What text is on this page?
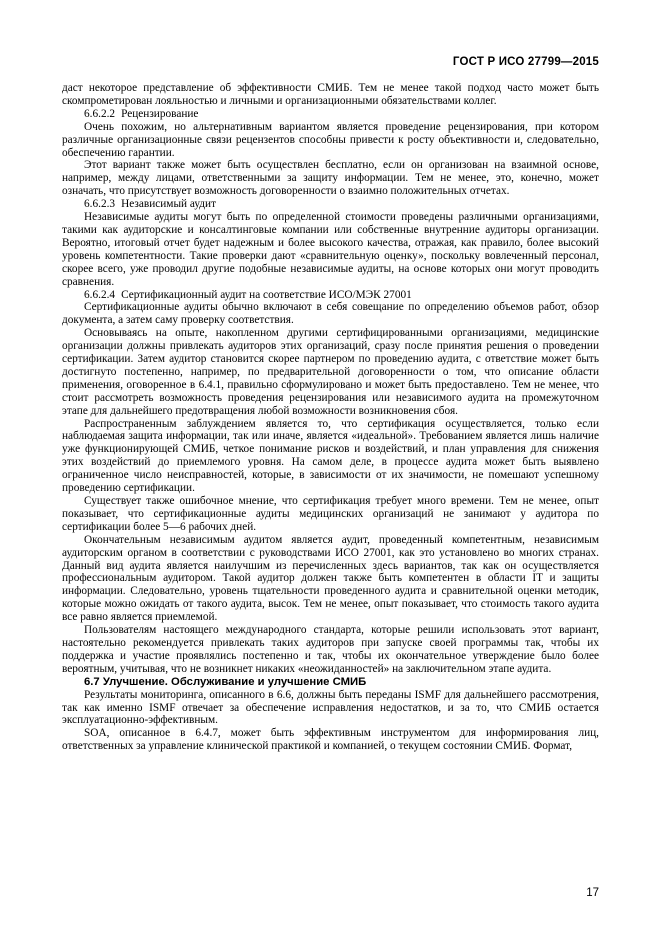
ГОСТ Р ИСО 27799—2015

даст некоторое представление об эффективности СМИБ. Тем не менее такой подход часто может быть скомпрометирован лояльностью и личными и организационными обязательствами коллег.

6.6.2.2 Рецензирование

Очень похожим, но альтернативным вариантом является проведение рецензирования, при котором различные организационные связи рецензентов способны привести к росту объективности и, следовательно, обеспечению гарантии.

Этот вариант также может быть осуществлен бесплатно, если он организован на взаимной основе, например, между лицами, ответственными за защиту информации. Тем не менее, это, конечно, может означать, что присутствует возможность договоренности о взаимно положительных отчетах.

6.6.2.3 Независимый аудит

Независимые аудиты могут быть по определенной стоимости проведены различными организациями, такими как аудиторские и консалтинговые компании или собственные внутренние аудиторы организации. Вероятно, итоговый отчет будет надежным и более высокого качества, отражая, как правило, более высокий уровень компетентности. Такие проверки дают «сравнительную оценку», поскольку вовлеченный персонал, скорее всего, уже проводил другие подобные независимые аудиты, на основе которых они могут проводить сравнения.

6.6.2.4 Сертификационный аудит на соответствие ИСО/МЭК 27001

Сертификационные аудиты обычно включают в себя совещание по определению объемов работ, обзор документа, а затем саму проверку соответствия.

Основываясь на опыте, накопленном другими сертифицированными организациями, медицинские организации должны привлекать аудиторов этих организаций, сразу после принятия решения о проведении сертификации. Затем аудитор становится скорее партнером по проведению аудита, с ответствие может быть достигнуто постепенно, например, по предварительной договоренности о том, что описание области применения, оговоренное в 6.4.1, правильно сформулировано и может быть предоставлено. Тем не менее, что стоит рассмотреть возможность проведения рецензирования или независимого аудита на промежуточном этапе для дальнейшего предотвращения любой возможности возникновения сбоя.

Распространенным заблуждением является то, что сертификация осуществляется, только если наблюдаемая защита информации, так или иначе, является «идеальной». Требованием является лишь наличие уже функционирующей СМИБ, четкое понимание рисков и воздействий, и план управления для снижения этих воздействий до приемлемого уровня. На самом деле, в процессе аудита может быть выявлено ограниченное число неисправностей, которые, в зависимости от их значимости, не помешают успешному проведению сертификации.

Существует также ошибочное мнение, что сертификация требует много времени. Тем не менее, опыт показывает, что сертификационные аудиты медицинских организаций не занимают у аудитора по сертификации более 5—6 рабочих дней.

Окончательным независимым аудитом является аудит, проведенный компетентным, независимым аудиторским органом в соответствии с руководствами ИСО 27001, как это установлено во многих странах. Данный вид аудита является наилучшим из перечисленных здесь вариантов, так как он осуществляется профессиональным аудитором. Такой аудитор должен также быть компетентен в области IT и защиты информации. Следовательно, уровень тщательности проведенного аудита и сравнительной оценки методик, которые можно ожидать от такого аудита, высок. Тем не менее, опыт показывает, что стоимость такого аудита все равно является приемлемой.

Пользователям настоящего международного стандарта, которые решили использовать этот вариант, настоятельно рекомендуется привлекать таких аудиторов при запуске своей программы так, чтобы их поддержка и участие проявлялись постепенно и так, чтобы их окончательное утверждение было более вероятным, учитывая, что не возникнет никаких «неожиданностей» на заключительном этапе аудита.

6.7 Улучшение. Обслуживание и улучшение СМИБ

Результаты мониторинга, описанного в 6.6, должны быть переданы ISMF для дальнейшего рассмотрения, так как именно ISMF отвечает за обеспечение исправления недостатков, и за то, что СМИБ остается эксплуатационно-эффективным.

SOA, описанное в 6.4.7, может быть эффективным инструментом для информирования лиц, ответственных за управление клинической практикой и компанией, о текущем состоянии СМИБ. Формат,

17
